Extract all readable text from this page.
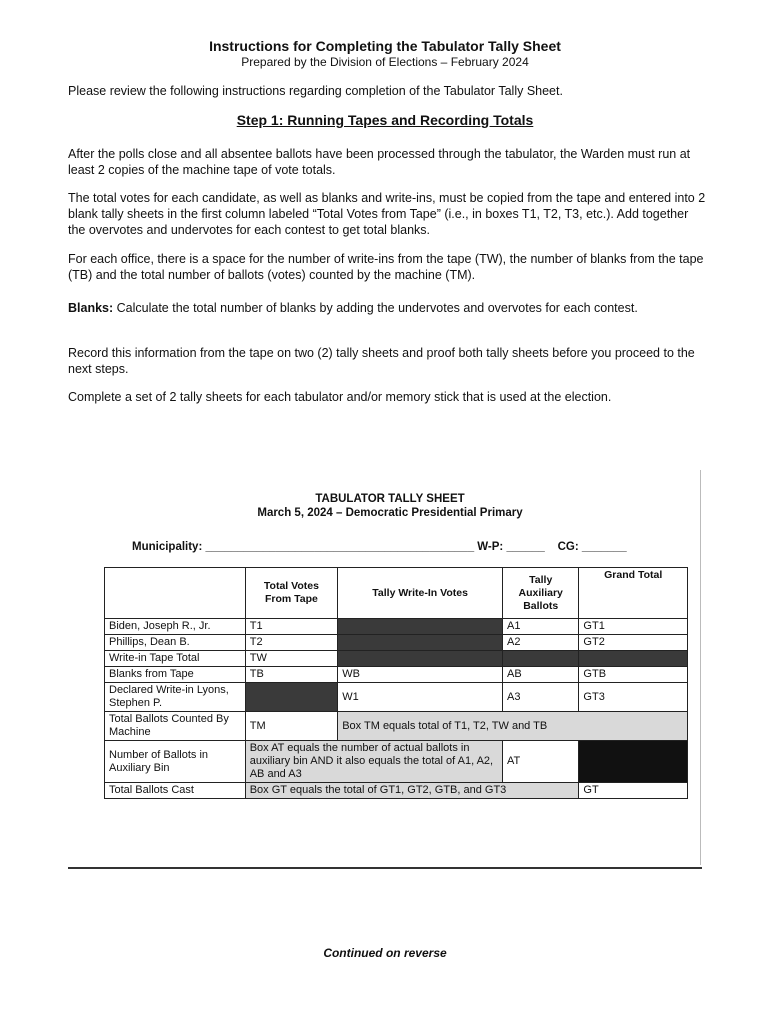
Instructions for Completing the Tabulator Tally Sheet
Prepared by the Division of Elections – February 2024
Please review the following instructions regarding completion of the Tabulator Tally Sheet.
Step 1: Running Tapes and Recording Totals
After the polls close and all absentee ballots have been processed through the tabulator, the Warden must run at least 2 copies of the machine tape of vote totals.
The total votes for each candidate, as well as blanks and write-ins, must be copied from the tape and entered into 2 blank tally sheets in the first column labeled “Total Votes from Tape” (i.e., in boxes T1, T2, T3, etc.). Add together the overvotes and undervotes for each contest to get total blanks.
For each office, there is a space for the number of write-ins from the tape (TW), the number of blanks from the tape (TB) and the total number of ballots (votes) counted by the machine (TM).
Blanks: Calculate the total number of blanks by adding the undervotes and overvotes for each contest.
Record this information from the tape on two (2) tally sheets and proof both tally sheets before you proceed to the next steps.
Complete a set of 2 tally sheets for each tabulator and/or memory stick that is used at the election.
TABULATOR TALLY SHEET
March 5, 2024 – Democratic Presidential Primary
Municipality: __________________________________________ W-P: ______    CG: _______
	Total Votes From Tape	Tally Write-In Votes	Tally Auxiliary Ballots	Grand Total
Biden, Joseph R., Jr.	T1		A1	GT1
Phillips, Dean B.	T2		A2	GT2
Write-in Tape Total	TW			
Blanks from Tape	TB	WB	AB	GTB
Declared Write-in Lyons, Stephen P.		W1	A3	GT3
Total Ballots Counted By Machine	TM	Box TM equals total of T1, T2, TW and TB		
Number of Ballots in Auxiliary Bin	Box AT equals the number of actual ballots in auxiliary bin AND it also equals the total of A1, A2, AB and A3		AT	
Total Ballots Cast	Box GT equals the total of GT1, GT2, GTB, and GT3			GT
Continued on reverse
